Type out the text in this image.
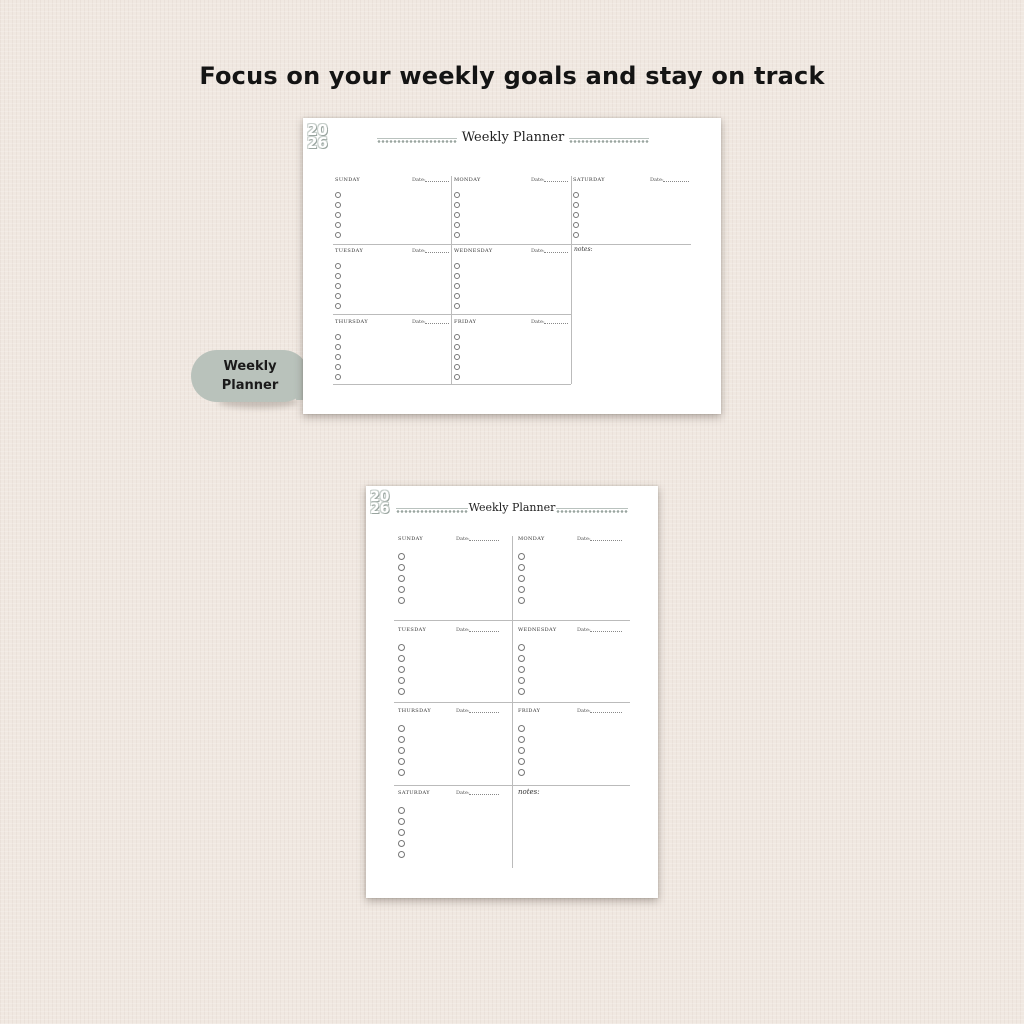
Focus on your weekly goals and stay on track
Weekly
Planner
20
26	Weekly Planner
SUNDAY	Date:	MONDAY	Date:	SATURDAY	Date:
notes:
TUESDAY	Date:	WEDNESDAY	Date:
THURSDAY	Date:	FRIDAY	Date:
20
26	Weekly Planner
SUNDAY	Date:	MONDAY	Date:
TUESDAY	Date:	WEDNESDAY	Date:
THURSDAY	Date:	FRIDAY	Date:
SATURDAY	Date:	notes:
